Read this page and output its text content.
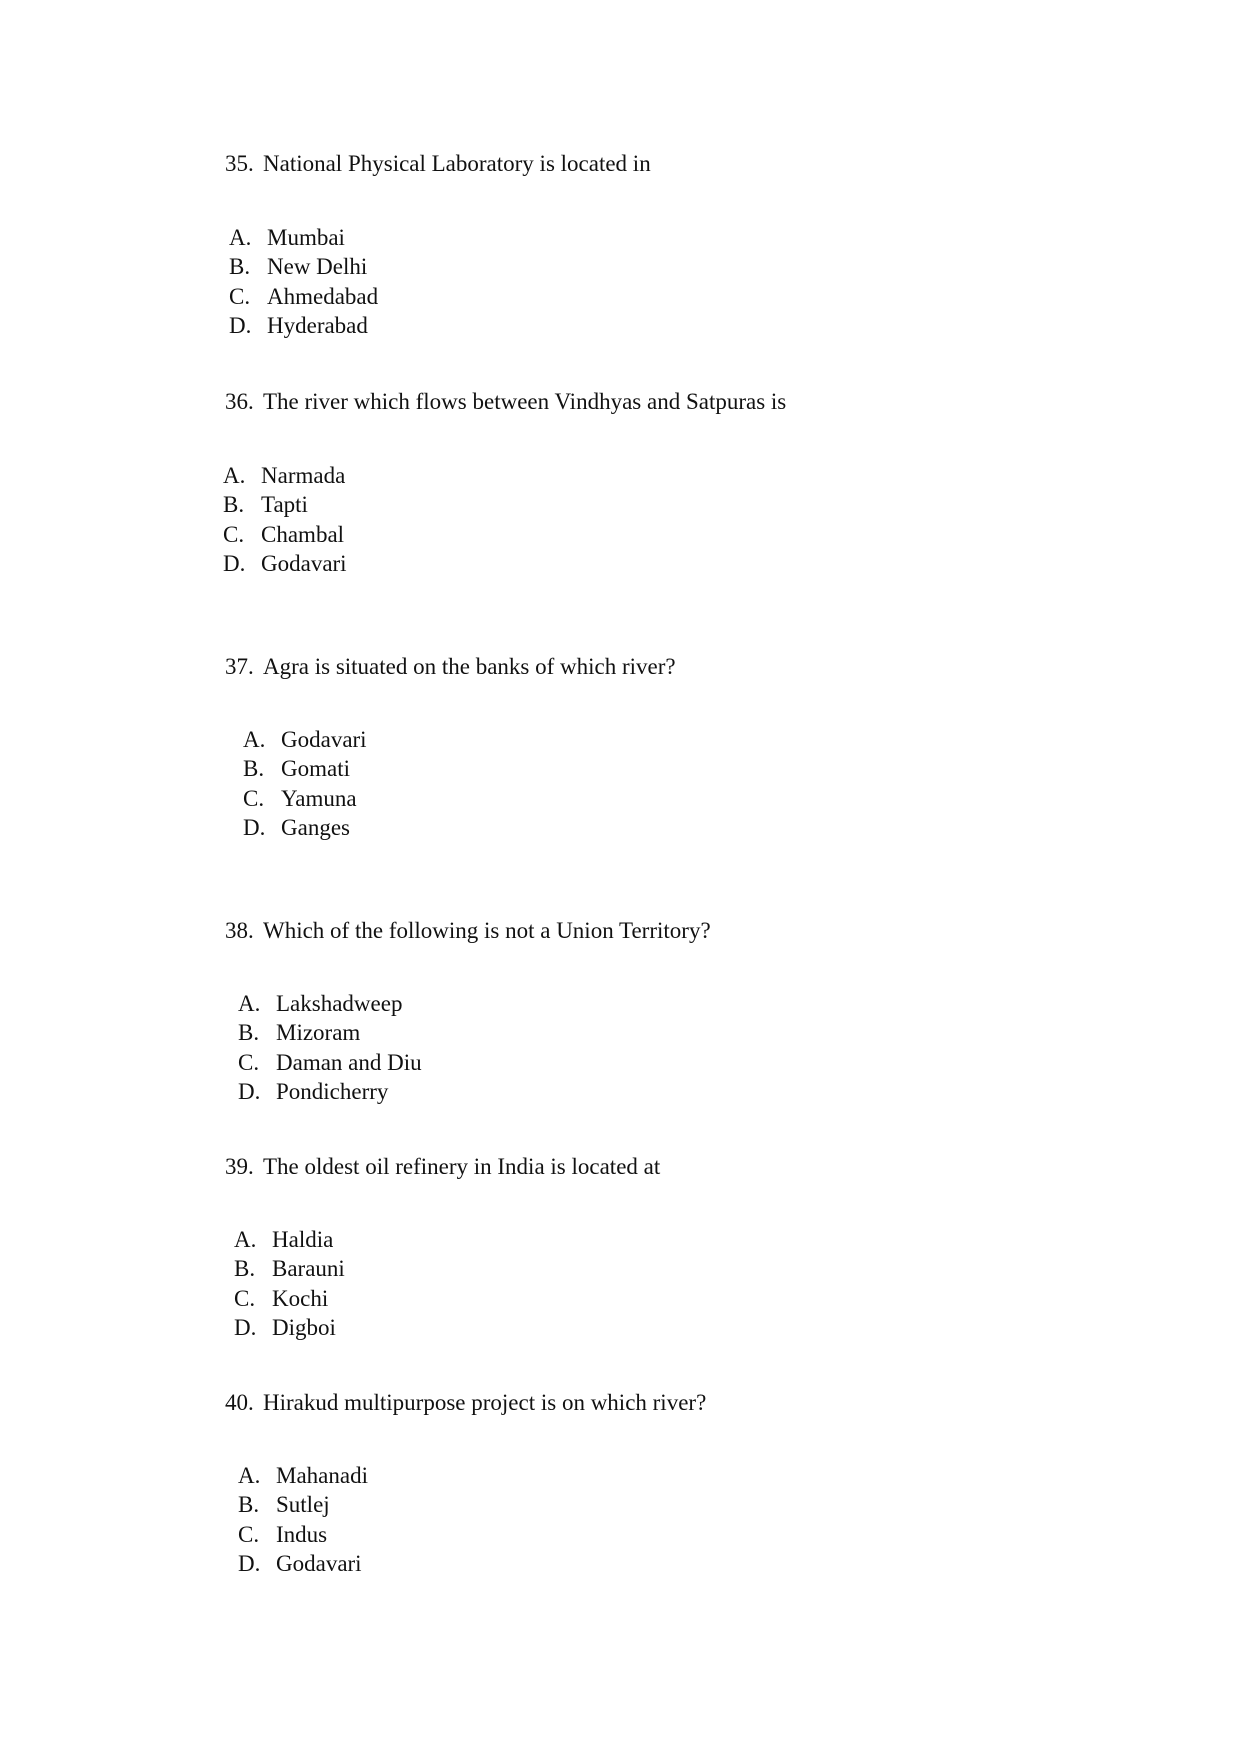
35. National Physical Laboratory is located in
A. Mumbai
B. New Delhi
C. Ahmedabad
D. Hyderabad
36. The river which flows between Vindhyas and Satpuras is
A. Narmada
B. Tapti
C. Chambal
D. Godavari
37. Agra is situated on the banks of which river?
A. Godavari
B. Gomati
C. Yamuna
D. Ganges
38. Which of the following is not a Union Territory?
A. Lakshadweep
B. Mizoram
C. Daman and Diu
D. Pondicherry
39. The oldest oil refinery in India is located at
A. Haldia
B. Barauni
C. Kochi
D. Digboi
40. Hirakud multipurpose project is on which river?
A. Mahanadi
B. Sutlej
C. Indus
D. Godavari
